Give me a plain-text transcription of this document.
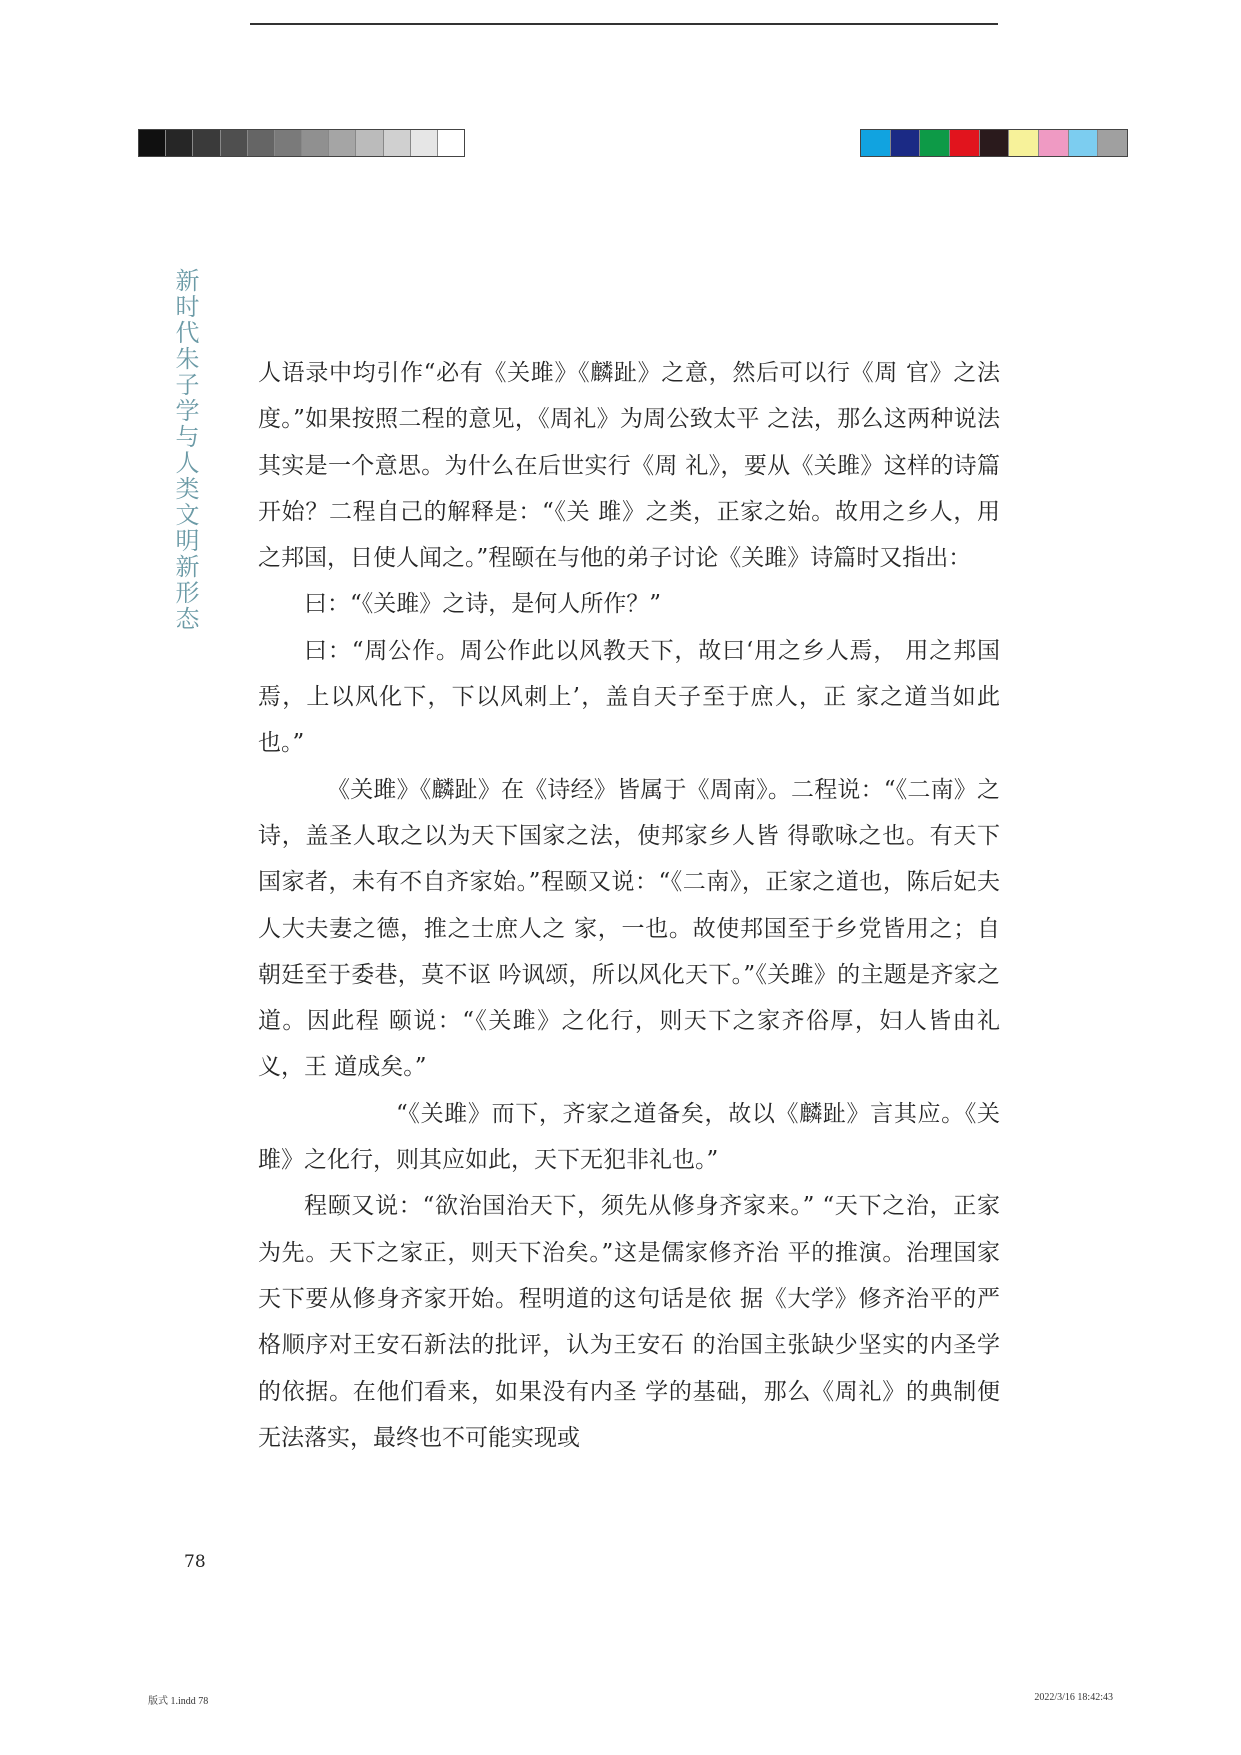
新时代朱子学与人类文明新形态	人语录中均引作“必有《关雎》《麟趾》之意，然后可以行《周 官》之法度。”如果按照二程的意见，《周礼》为周公致太平 之法，那么这两种说法其实是一个意思。为什么在后世实行《周 礼》，要从《关雎》这样的诗篇开始？二程自己的解释是：“《关 雎》之类，正家之始。故用之乡人，用之邦国，日使人闻之。”程颐在与他的弟子讨论《关雎》诗篇时又指出：

曰：“《关雎》之诗，是何人所作？”

曰：“周公作。周公作此以风教天下，故曰‘用之乡人焉， 用之邦国焉，上以风化下，下以风刺上’，盖自天子至于庶人，正 家之道当如此也。”

《关雎》《麟趾》在《诗经》皆属于《周南》。二程说：“《二南》之诗，盖圣人取之以为天下国家之法，使邦家乡人皆 得歌咏之也。有天下国家者，未有不自齐家始。”程颐又说：“《二南》，正家之道也，陈后妃夫人大夫妻之德，推之士庶人之 家，一也。故使邦国至于乡党皆用之；自朝廷至于委巷，莫不讴 吟讽颂，所以风化天下。”《关雎》的主题是齐家之道。因此程 颐说：“《关雎》之化行，则天下之家齐俗厚，妇人皆由礼义，王 道成矣。”

“《关雎》而下，齐家之道备矣，故以《麟趾》言其应。《关雎》之化行，则其应如此，天下无犯非礼也。”

程颐又说：“欲治国治天下，须先从修身齐家来。” “天下之治，正家为先。天下之家正，则天下治矣。”这是儒家修齐治 平的推演。治理国家天下要从修身齐家开始。程明道的这句话是依 据《大学》修齐治平的严格顺序对王安石新法的批评，认为王安石 的治国主张缺少坚实的内圣学的依据。在他们看来，如果没有内圣 学的基础，那么《周礼》的典制便无法落实，最终也不可能实现或

78
版式 1.indd 78	2022/3/16 18:42:43
